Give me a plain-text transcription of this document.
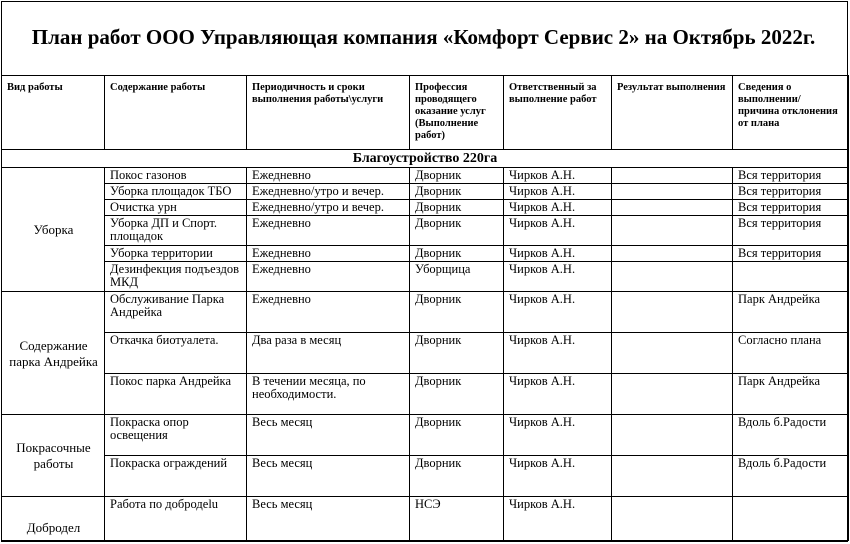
План работ ООО Управляющая компания «Комфорт Сервис 2» на Октябрь 2022г.
Вид работы	Содержание работы	Периодичность и сроки выполнения работы\услуги	Профессия проводящего оказание услуг (Выполнение работ)	Ответственный за выполнение работ	Результат выполнения	Сведения о выполнении/ причина отклонения от плана
Благоустройство 220га						
Уборка	Покос газонов	Ежедневно	Дворник	Чирков А.Н.		Вся территория
	Уборка площадок ТБО	Ежедневно/утро и вечер.	Дворник	Чирков А.Н.		Вся территория
	Очистка урн	Ежедневно/утро и вечер.	Дворник	Чирков А.Н.		Вся территория
	Уборка ДП и Спорт. площадок	Ежедневно	Дворник	Чирков А.Н.		Вся территория
	Уборка территории	Ежедневно	Дворник	Чирков А.Н.		Вся территория
	Дезинфекция подъездов МКД	Ежедневно	Уборщица	Чирков А.Н.		
Содержание парка Андрейка	Обслуживание Парка Андрейка	Ежедневно	Дворник	Чирков А.Н.		Парк Андрейка
	Откачка биотуалета.	Два раза в месяц	Дворник	Чирков А.Н.		Согласно плана
	Покос парка Андрейка	В течении месяца, по необходимости.	Дворник	Чирков А.Н.		Парк Андрейка
Покрасочные работы	Покраска опор освещения	Весь месяц	Дворник	Чирков А.Н.		Вдоль б.Радости
	Покраска ограждений	Весь месяц	Дворник	Чирков А.Н.		Вдоль б.Радости
Добродел	Работа по добродelu	Весь месяц	НСЭ	Чирков А.Н.		
